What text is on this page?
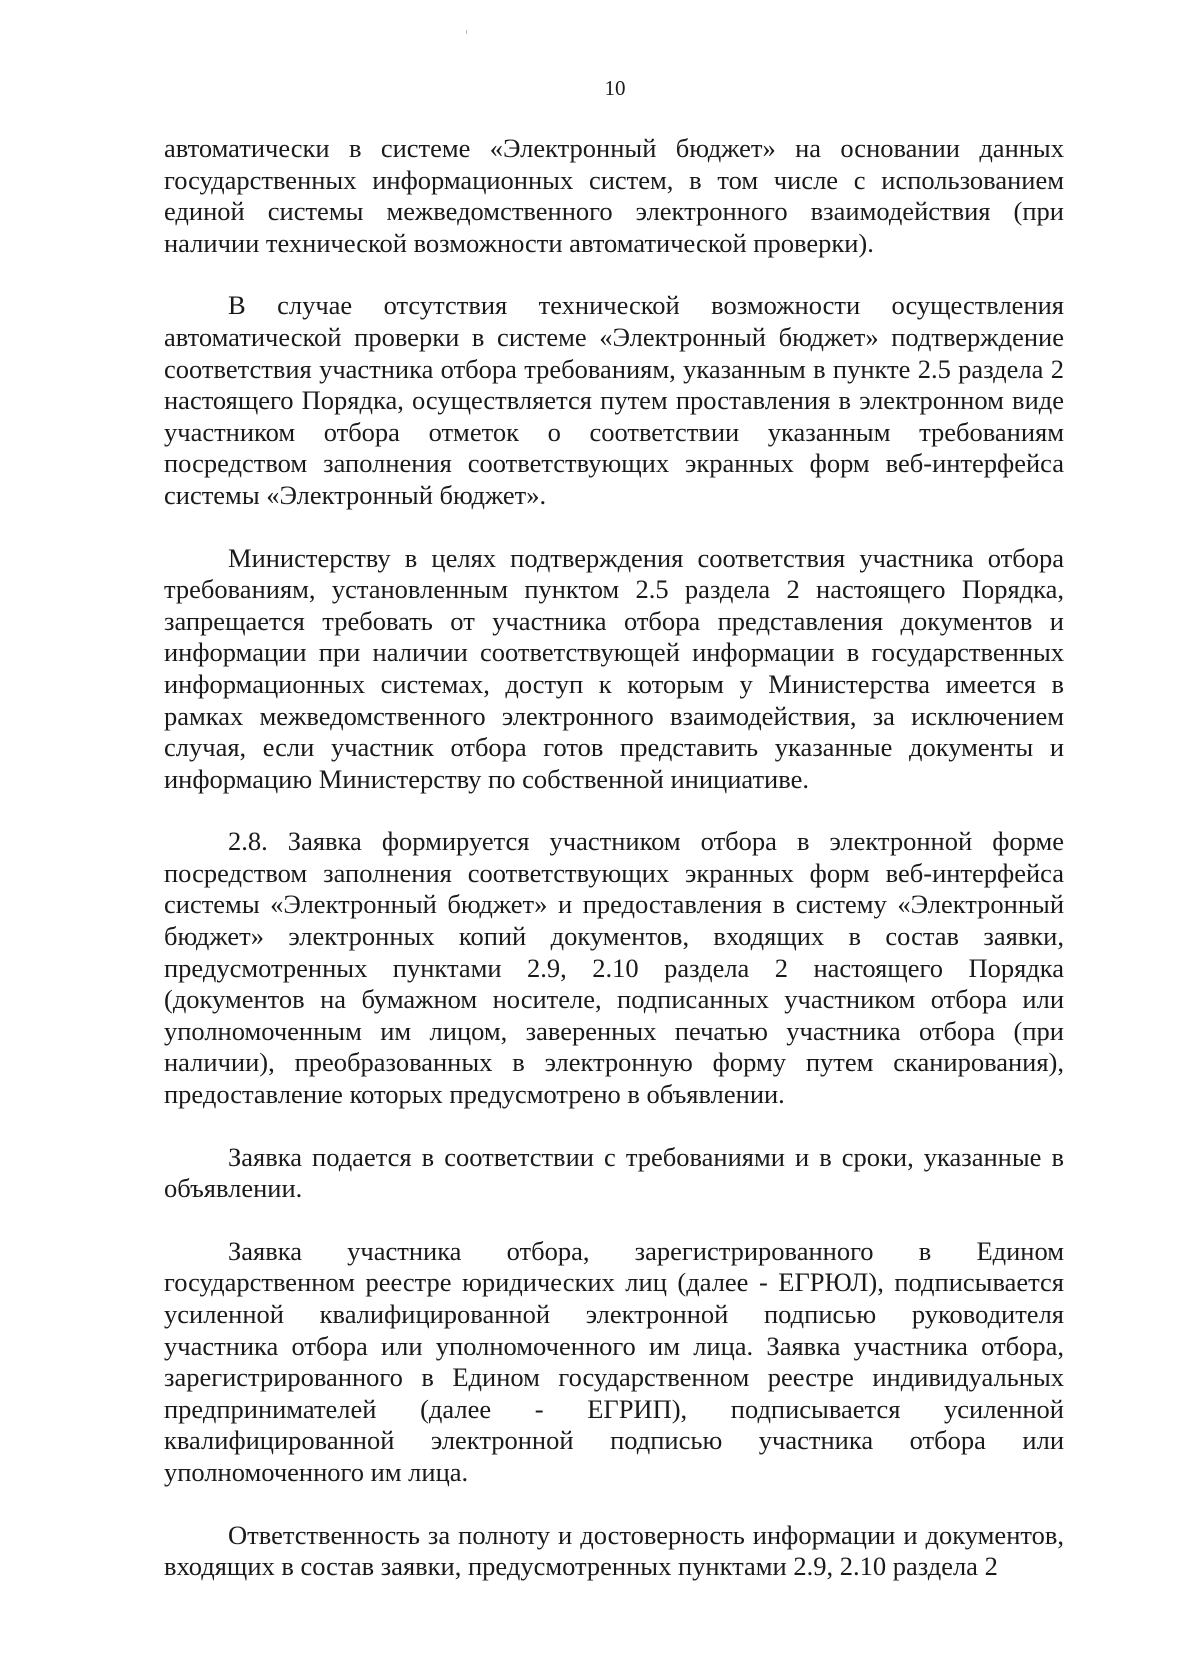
10

автоматически в системе «Электронный бюджет» на основании данных государственных информационных систем, в том числе с использованием единой системы межведомственного электронного взаимодействия (при наличии технической возможности автоматической проверки).

В случае отсутствия технической возможности осуществления автоматической проверки в системе «Электронный бюджет» подтверждение соответствия участника отбора требованиям, указанным в пункте 2.5 раздела 2 настоящего Порядка, осуществляется путем проставления в электронном виде участником отбора отметок о соответствии указанным требованиям посредством заполнения соответствующих экранных форм веб-интерфейса системы «Электронный бюджет».

Министерству в целях подтверждения соответствия участника отбора требованиям, установленным пунктом 2.5 раздела 2 настоящего Порядка, запрещается требовать от участника отбора представления документов и информации при наличии соответствующей информации в государственных информационных системах, доступ к которым у Министерства имеется в рамках межведомственного электронного взаимодействия, за исключением случая, если участник отбора готов представить указанные документы и информацию Министерству по собственной инициативе.

2.8. Заявка формируется участником отбора в электронной форме посредством заполнения соответствующих экранных форм веб-интерфейса системы «Электронный бюджет» и предоставления в систему «Электронный бюджет» электронных копий документов, входящих в состав заявки, предусмотренных пунктами 2.9, 2.10 раздела 2 настоящего Порядка (документов на бумажном носителе, подписанных участником отбора или уполномоченным им лицом, заверенных печатью участника отбора (при наличии), преобразованных в электронную форму путем сканирования), предоставление которых предусмотрено в объявлении.

Заявка подается в соответствии с требованиями и в сроки, указанные в объявлении.

Заявка участника отбора, зарегистрированного в Едином государственном реестре юридических лиц (далее - ЕГРЮЛ), подписывается усиленной квалифицированной электронной подписью руководителя участника отбора или уполномоченного им лица. Заявка участника отбора, зарегистрированного в Едином государственном реестре индивидуальных предпринимателей (далее - ЕГРИП), подписывается усиленной квалифицированной электронной подписью участника отбора или уполномоченного им лица.

Ответственность за полноту и достоверность информации и документов, входящих в состав заявки, предусмотренных пунктами 2.9, 2.10 раздела 2
